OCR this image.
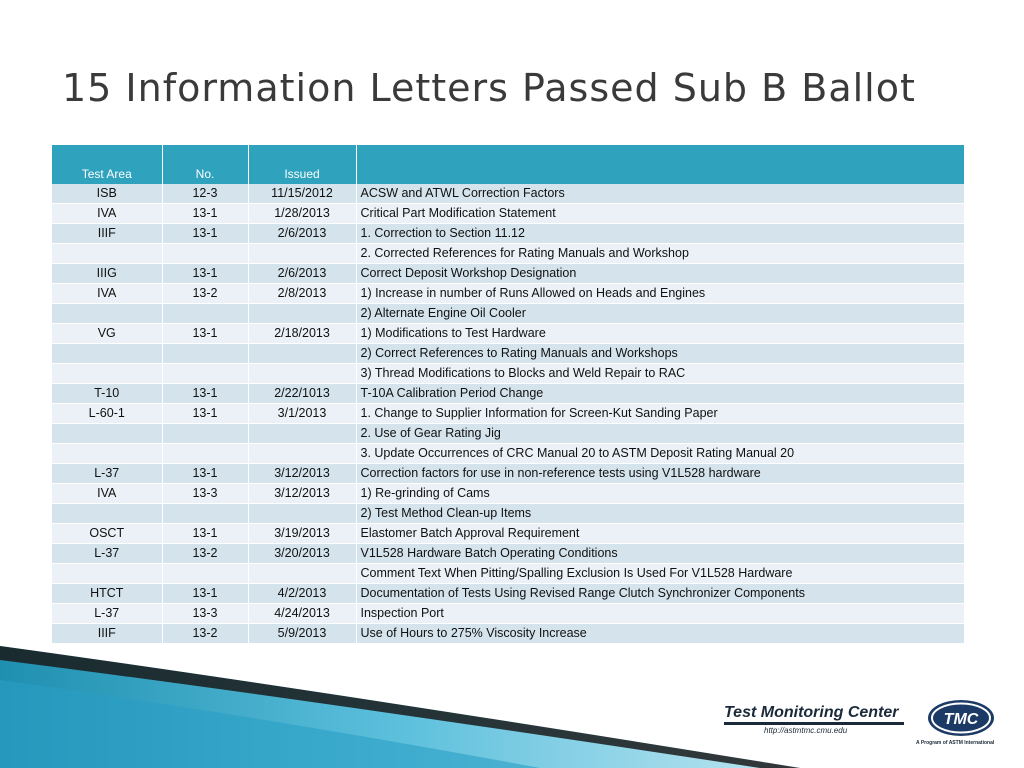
15 Information Letters Passed Sub B Ballot
Test Area	No.	Issued	
ISB	12-3	11/15/2012	ACSW and ATWL Correction Factors
IVA	13-1	1/28/2013	Critical Part Modification Statement
IIIF	13-1	2/6/2013	1. Correction to Section 11.12
			2. Corrected References for Rating Manuals and Workshop
IIIG	13-1	2/6/2013	Correct Deposit Workshop Designation
IVA	13-2	2/8/2013	1) Increase in number of Runs Allowed on Heads and Engines
			2) Alternate Engine Oil Cooler
VG	13-1	2/18/2013	1) Modifications to Test Hardware
			2) Correct References to Rating Manuals and Workshops
			3) Thread Modifications to Blocks and Weld Repair to RAC
T-10	13-1	2/22/1013	T-10A Calibration Period Change
L-60-1	13-1	3/1/2013	1. Change to Supplier Information for Screen-Kut Sanding Paper
			2. Use of Gear Rating Jig
			3. Update Occurrences of CRC Manual 20 to ASTM Deposit Rating Manual 20
L-37	13-1	3/12/2013	Correction factors for use in non-reference tests using V1L528 hardware
IVA	13-3	3/12/2013	1) Re-grinding of Cams
			2) Test Method Clean-up Items
OSCT	13-1	3/19/2013	Elastomer Batch Approval Requirement
L-37	13-2	3/20/2013	V1L528 Hardware Batch Operating Conditions
			Comment Text When Pitting/Spalling Exclusion Is Used For V1L528 Hardware
HTCT	13-1	4/2/2013	Documentation of Tests Using Revised Range Clutch Synchronizer Components
L-37	13-3	4/24/2013	Inspection Port
IIIF	13-2	5/9/2013	Use of Hours to 275% Viscosity Increase
Test Monitoring Center
http://astmtmc.cmu.edu
TMC
A Program of ASTM International
